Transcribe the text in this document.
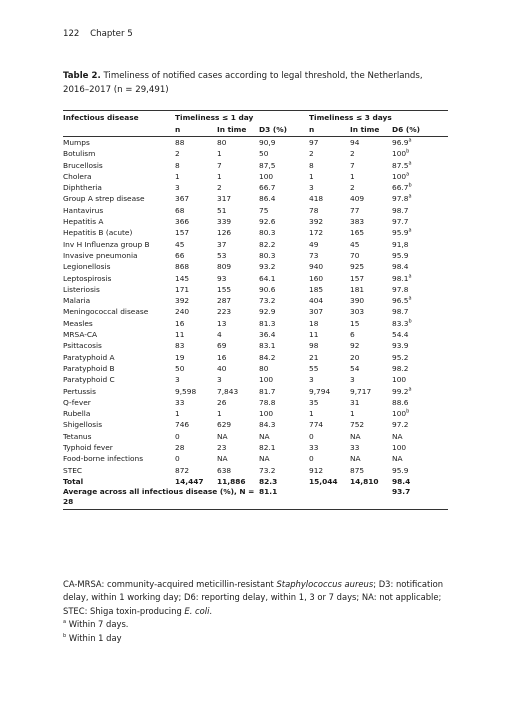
122 Chapter 5
Table 2. Timeliness of notified cases according to legal threshold, the Netherlands, 2016–2017 (n = 29,491)

Infectious disease	Timeliness ≤ 1 day			Timeliness ≤ 3 days		
	n	In time	D3 (%)	n	In time	D6 (%)
Mumps	88	80	90,9	97	94	96.9$^a$
Botulism	2	1	50	2	2	100$^b$
Brucellosis	8	7	87,5	8	7	87.5$^a$
Cholera	1	1	100	1	1	100$^a$
Diphtheria	3	2	66.7	3	2	66.7$^b$
Group A strep disease	367	317	86.4	418	409	97.8$^a$
Hantavirus	68	51	75	78	77	98.7
Hepatitis A	366	339	92.6	392	383	97.7
Hepatitis B (acute)	157	126	80.3	172	165	95.9$^a$
Inv H Influenza group B	45	37	82.2	49	45	91,8
Invasive pneumonia	66	53	80.3	73	70	95.9
Legionellosis	868	809	93.2	940	925	98.4
Leptospirosis	145	93	64.1	160	157	98.1$^a$
Listeriosis	171	155	90.6	185	181	97.8
Malaria	392	287	73.2	404	390	96.5$^a$
Meningococcal disease	240	223	92.9	307	303	98.7
Measles	16	13	81.3	18	15	83.3$^b$
MRSA-CA	11	4	36.4	11	6	54.4
Psittacosis	83	69	83.1	98	92	93.9
Paratyphoid A	19	16	84.2	21	20	95.2
Paratyphoid B	50	40	80	55	54	98.2
Paratyphoid C	3	3	100	3	3	100
Pertussis	9,598	7,843	81.7	9,794	9,717	99.2$^a$
Q-fever	33	26	78.8	35	31	88.6
Rubella	1	1	100	1	1	100$^b$
Shigellosis	746	629	84.3	774	752	97.2
Tetanus	0	NA	NA	0	NA	NA
Typhoid fever	28	23	82.1	33	33	100
Food-borne infections	0	NA	NA	0	NA	NA
STEC	872	638	73.2	912	875	95.9
Total	14,447	11,886	82.3	15,044	14,810	98.4
Average across all infectious disease (%), N = 28			81.1			93.7

CA-MRSA: community-acquired meticillin-resistant Staphylococcus aureus; D3: notification delay, within 1 working day; D6: reporting delay, within 1, 3 or 7 days; NA: not applicable; STEC: Shiga toxin-producing E. coli.

$^a$ Within 7 days.

$^b$ Within 1 day
